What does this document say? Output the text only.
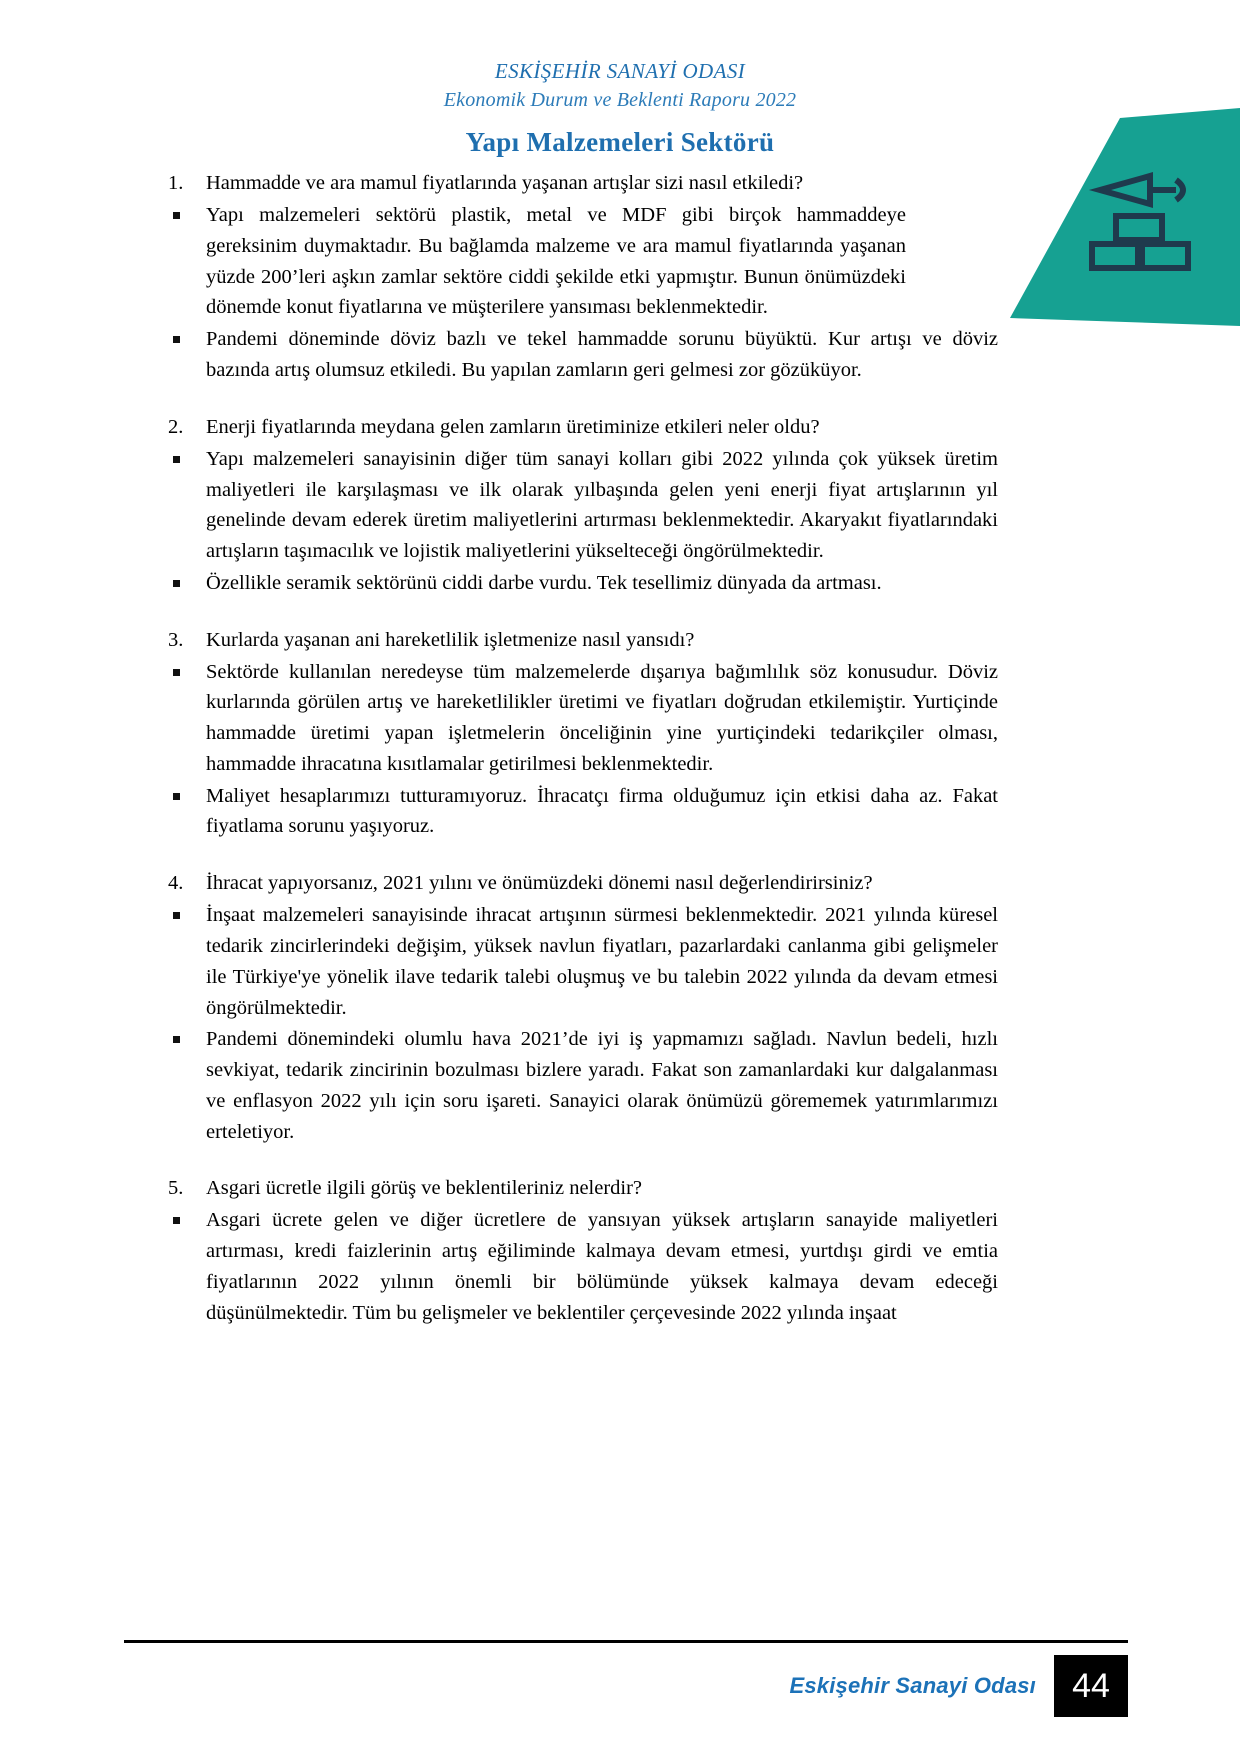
ESKİŞEHİR SANAYİ ODASI
Ekonomik Durum ve Beklenti Raporu 2022
Yapı Malzemeleri Sektörü
1. Hammadde ve ara mamul fiyatlarında yaşanan artışlar sizi nasıl etkiledi?
Yapı malzemeleri sektörü plastik, metal ve MDF gibi birçok hammaddeye gereksinim duymaktadır. Bu bağlamda malzeme ve ara mamul fiyatlarında yaşanan yüzde 200’leri aşkın zamlar sektöre ciddi şekilde etki yapmıştır. Bunun önümüzdeki dönemde konut fiyatlarına ve müşterilere yansıması beklenmektedir.
Pandemi döneminde döviz bazlı ve tekel hammadde sorunu büyüktü. Kur artışı ve döviz bazında artış olumsuz etkiledi. Bu yapılan zamların geri gelmesi zor gözüküyor.
2. Enerji fiyatlarında meydana gelen zamların üretiminize etkileri neler oldu?
Yapı malzemeleri sanayisinin diğer tüm sanayi kolları gibi 2022 yılında çok yüksek üretim maliyetleri ile karşılaşması ve ilk olarak yılbaşında gelen yeni enerji fiyat artışlarının yıl genelinde devam ederek üretim maliyetlerini artırması beklenmektedir. Akaryakıt fiyatlarındaki artışların taşımacılık ve lojistik maliyetlerini yükselteceği öngörülmektedir.
Özellikle seramik sektörünü ciddi darbe vurdu. Tek tesellimiz dünyada da artması.
3. Kurlarda yaşanan ani hareketlilik işletmenize nasıl yansıdı?
Sektörde kullanılan neredeyse tüm malzemelerde dışarıya bağımlılık söz konusudur. Döviz kurlarında görülen artış ve hareketlilikler üretimi ve fiyatları doğrudan etkilemiştir. Yurtiçinde hammadde üretimi yapan işletmelerin önceliğinin yine yurtiçindeki tedarikçiler olması, hammadde ihracatına kısıtlamalar getirilmesi beklenmektedir.
Maliyet hesaplarımızı tutturamıyoruz. İhracatçı firma olduğumuz için etkisi daha az. Fakat fiyatlama sorunu yaşıyoruz.
4. İhracat yapıyorsanız, 2021 yılını ve önümüzdeki dönemi nasıl değerlendirirsiniz?
İnşaat malzemeleri sanayisinde ihracat artışının sürmesi beklenmektedir. 2021 yılında küresel tedarik zincirlerindeki değişim, yüksek navlun fiyatları, pazarlardaki canlanma gibi gelişmeler ile Türkiye'ye yönelik ilave tedarik talebi oluşmuş ve bu talebin 2022 yılında da devam etmesi öngörülmektedir.
Pandemi dönemindeki olumlu hava 2021’de iyi iş yapmamızı sağladı. Navlun bedeli, hızlı sevkiyat, tedarik zincirinin bozulması bizlere yaradı. Fakat son zamanlardaki kur dalgalanması ve enflasyon 2022 yılı için soru işareti. Sanayici olarak önümüzü görememek yatırımlarımızı erteletiyor.
5. Asgari ücretle ilgili görüş ve beklentileriniz nelerdir?
Asgari ücrete gelen ve diğer ücretlere de yansıyan yüksek artışların sanayide maliyetleri artırması, kredi faizlerinin artış eğiliminde kalmaya devam etmesi, yurtdışı girdi ve emtia fiyatlarının 2022 yılının önemli bir bölümünde yüksek kalmaya devam edeceği düşünülmektedir. Tüm bu gelişmeler ve beklentiler çerçevesinde 2022 yılında inşaat
Eskişehir Sanayi Odası	44
